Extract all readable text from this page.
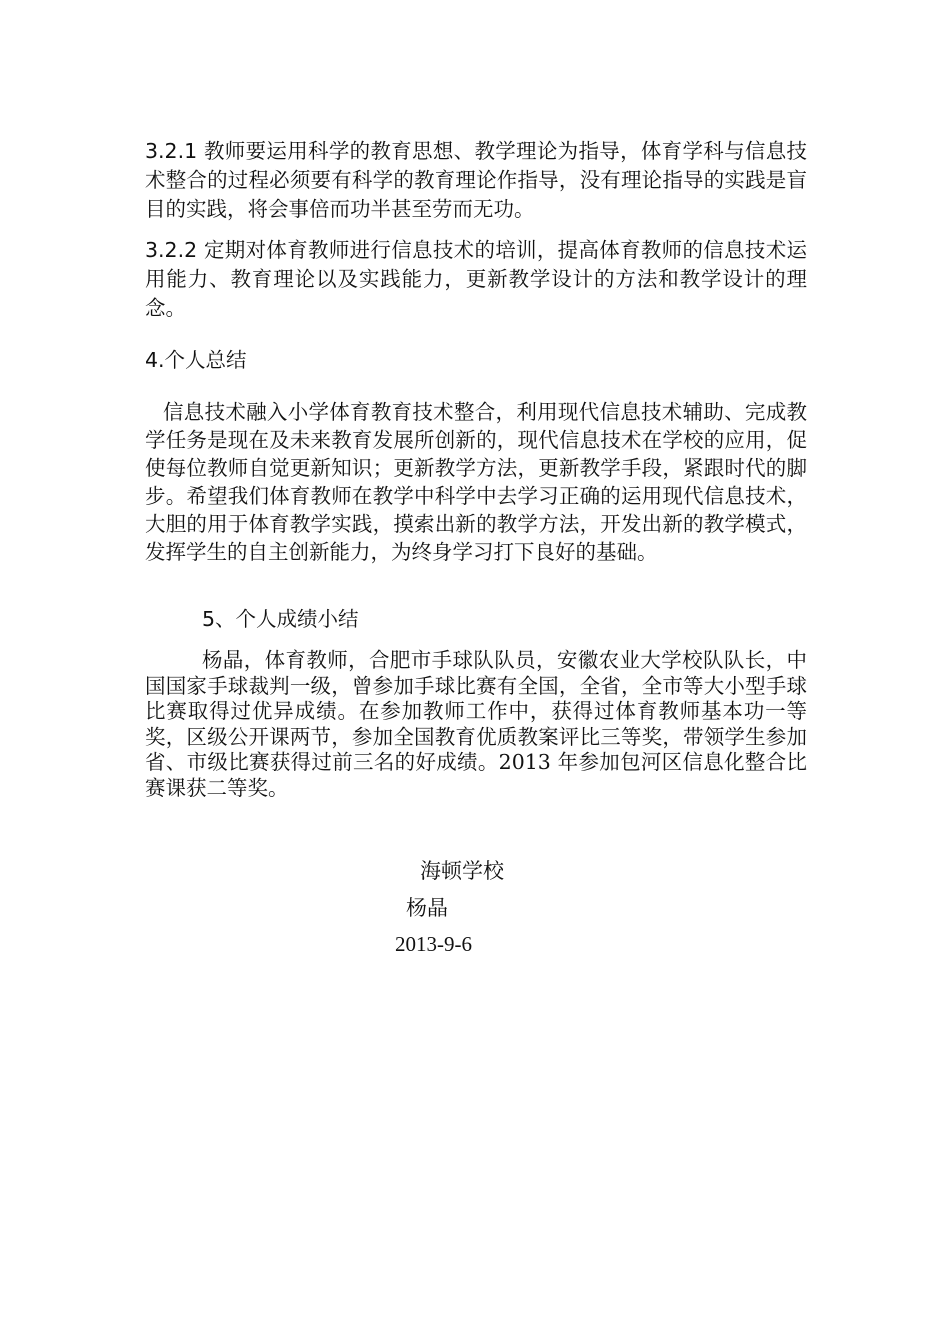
3.2.1 教师要运用科学的教育思想、教学理论为指导，体育学科与信息技术整合的过程必须要有科学的教育理论作指导，没有理论指导的实践是盲目的实践，将会事倍而功半甚至劳而无功。

3.2.2 定期对体育教师进行信息技术的培训，提高体育教师的信息技术运用能力、教育理论以及实践能力，更新教学设计的方法和教学设计的理念。

4.个人总结

信息技术融入小学体育教育技术整合，利用现代信息技术辅助、完成教学任务是现在及未来教育发展所创新的，现代信息技术在学校的应用，促使每位教师自觉更新知识；更新教学方法，更新教学手段，紧跟时代的脚步。希望我们体育教师在教学中科学中去学习正确的运用现代信息技术，大胆的用于体育教学实践，摸索出新的教学方法，开发出新的教学模式，发挥学生的自主创新能力，为终身学习打下良好的基础。

5、个人成绩小结

杨晶，体育教师，合肥市手球队队员，安徽农业大学校队队长，中国国家手球裁判一级，曾参加手球比赛有全国，全省，全市等大小型手球比赛取得过优异成绩。在参加教师工作中，获得过体育教师基本功一等奖，区级公开课两节，参加全国教育优质教案评比三等奖，带领学生参加省、市级比赛获得过前三名的好成绩。2013 年参加包河区信息化整合比赛课获二等奖。

海顿学校

杨晶

2013-9-6
